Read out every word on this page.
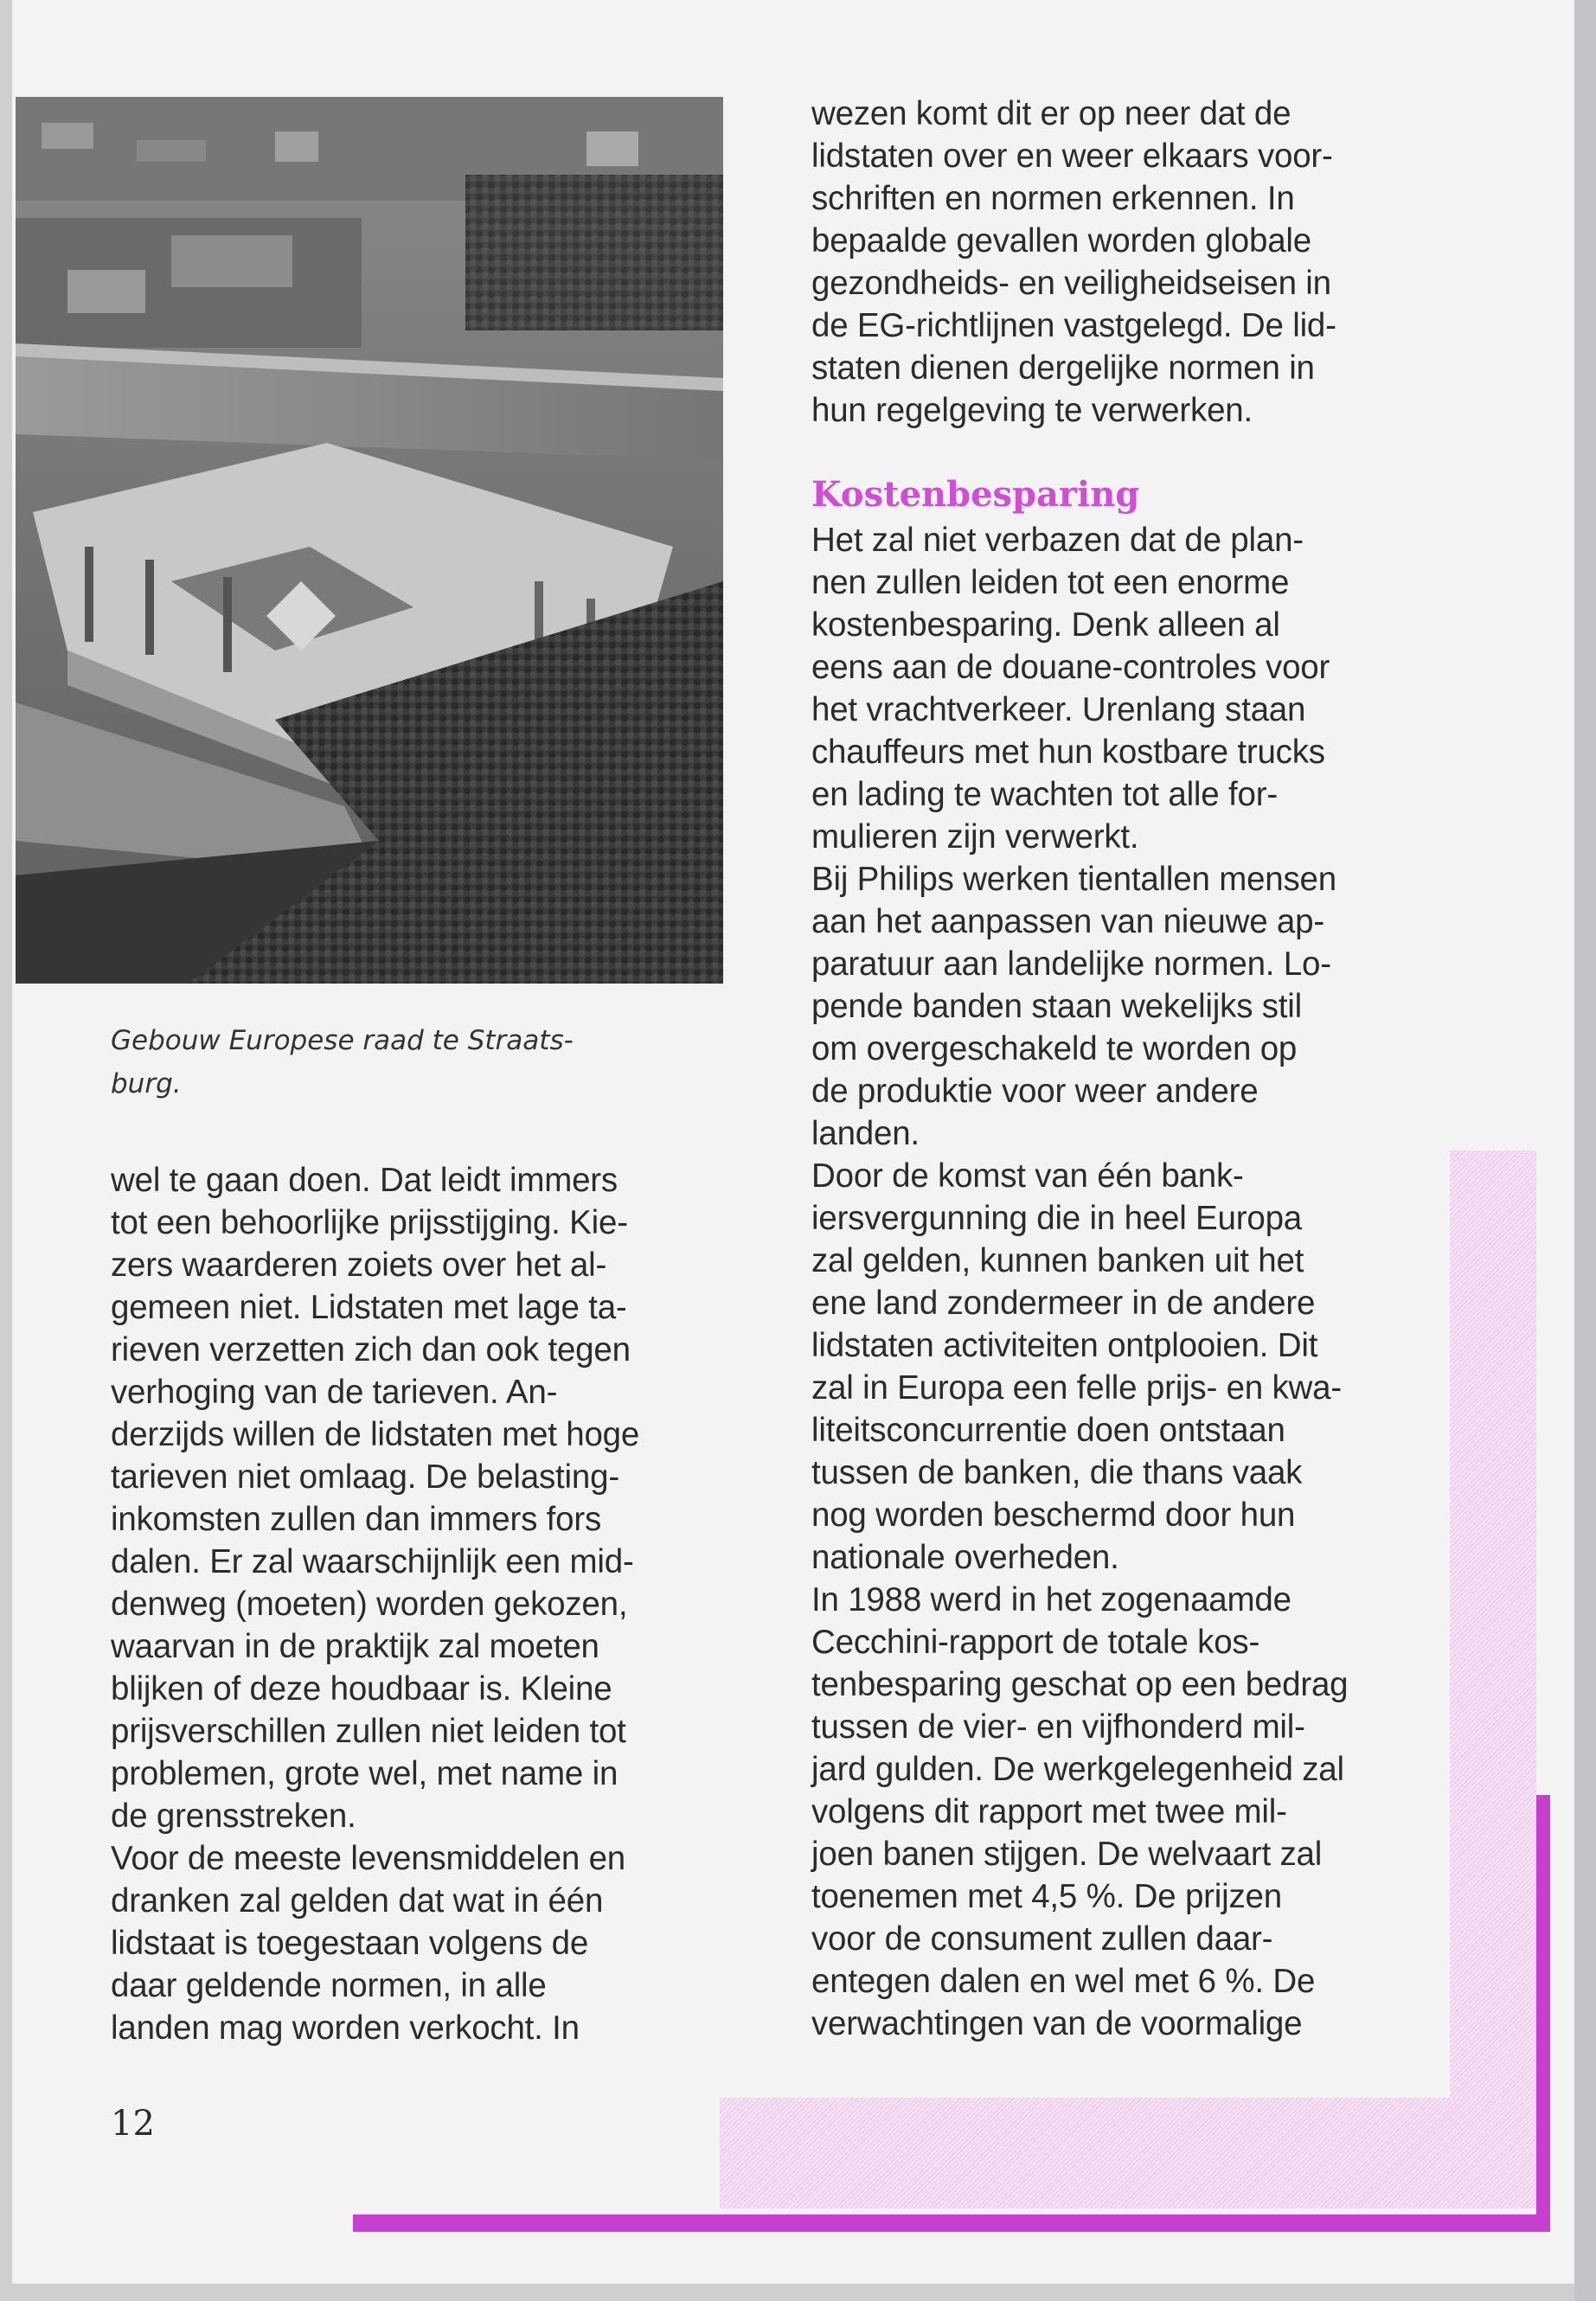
Gebouw Europese raad te Straats-
burg.

wel te gaan doen. Dat leidt immers

tot een behoorlijke prijsstijging. Kie-

zers waarderen zoiets over het al-

gemeen niet. Lidstaten met lage ta-

rieven verzetten zich dan ook tegen

verhoging van de tarieven. An-

derzijds willen de lidstaten met hoge

tarieven niet omlaag. De belasting-

inkomsten zullen dan immers fors

dalen. Er zal waarschijnlijk een mid-

denweg (moeten) worden gekozen,

waarvan in de praktijk zal moeten

blijken of deze houdbaar is. Kleine

prijsverschillen zullen niet leiden tot

problemen, grote wel, met name in

de grensstreken.

Voor de meeste levensmiddelen en

dranken zal gelden dat wat in één

lidstaat is toegestaan volgens de

daar geldende normen, in alle

landen mag worden verkocht. In

wezen komt dit er op neer dat de

lidstaten over en weer elkaars voor-

schriften en normen erkennen. In

bepaalde gevallen worden globale

gezondheids- en veiligheidseisen in

de EG-richtlijnen vastgelegd. De lid-

staten dienen dergelijke normen in

hun regelgeving te verwerken.

Kostenbesparing

Het zal niet verbazen dat de plan-

nen zullen leiden tot een enorme

kostenbesparing. Denk alleen al

eens aan de douane-controles voor

het vrachtverkeer. Urenlang staan

chauffeurs met hun kostbare trucks

en lading te wachten tot alle for-

mulieren zijn verwerkt.

Bij Philips werken tientallen mensen

aan het aanpassen van nieuwe ap-

paratuur aan landelijke normen. Lo-

pende banden staan wekelijks stil

om overgeschakeld te worden op

de produktie voor weer andere

landen.

Door de komst van één bank-

iersvergunning die in heel Europa

zal gelden, kunnen banken uit het

ene land zondermeer in de andere

lidstaten activiteiten ontplooien. Dit

zal in Europa een felle prijs- en kwa-

liteitsconcurrentie doen ontstaan

tussen de banken, die thans vaak

nog worden beschermd door hun

nationale overheden.

In 1988 werd in het zogenaamde

Cecchini-rapport de totale kos-

tenbesparing geschat op een bedrag

tussen de vier- en vijfhonderd mil-

jard gulden. De werkgelegenheid zal

volgens dit rapport met twee mil-

joen banen stijgen. De welvaart zal

toenemen met 4,5 %. De prijzen

voor de consument zullen daar-

entegen dalen en wel met 6 %. De

verwachtingen van de voormalige

12
